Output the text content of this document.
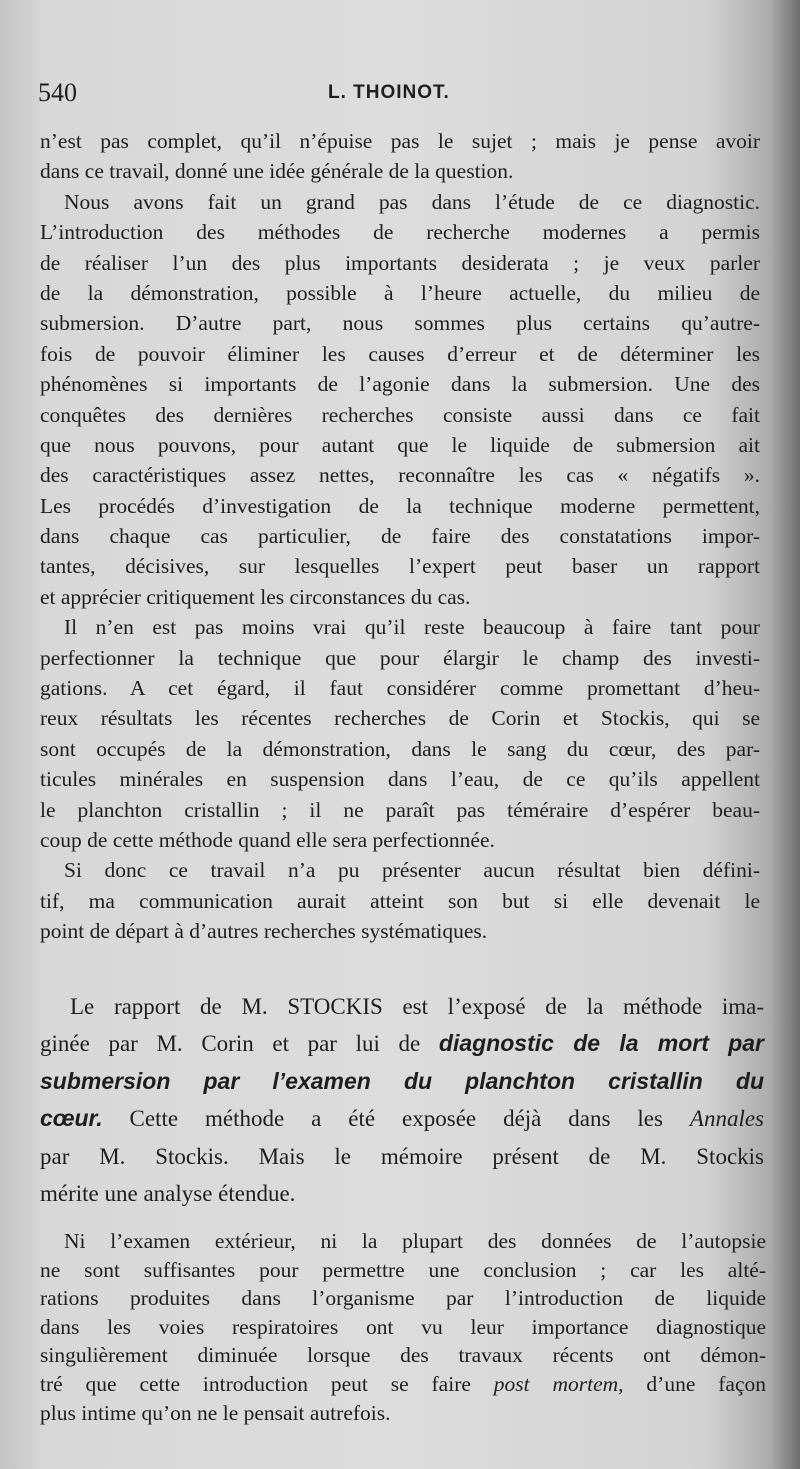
540	L. THOINOT.
n’est pas complet, qu’il n’épuise pas le sujet ; mais je pense avoir
dans ce travail, donné une idée générale de la question.
Nous avons fait un grand pas dans l’étude de ce diagnostic.
L’introduction des méthodes de recherche modernes a permis
de réaliser l’un des plus importants desiderata ; je veux parler
de la démonstration, possible à l’heure actuelle, du milieu de
submersion. D’autre part, nous sommes plus certains qu’autre-
fois de pouvoir éliminer les causes d’erreur et de déterminer les
phénomènes si importants de l’agonie dans la submersion. Une des
conquêtes des dernières recherches consiste aussi dans ce fait
que nous pouvons, pour autant que le liquide de submersion ait
des caractéristiques assez nettes, reconnaître les cas « négatifs ».
Les procédés d’investigation de la technique moderne permettent,
dans chaque cas particulier, de faire des constatations impor-
tantes, décisives, sur lesquelles l’expert peut baser un rapport
et apprécier critiquement les circonstances du cas.
Il n’en est pas moins vrai qu’il reste beaucoup à faire tant pour
perfectionner la technique que pour élargir le champ des investi-
gations. A cet égard, il faut considérer comme promettant d’heu-
reux résultats les récentes recherches de Corin et Stockis, qui se
sont occupés de la démonstration, dans le sang du cœur, des par-
ticules minérales en suspension dans l’eau, de ce qu’ils appellent
le planchton cristallin ; il ne paraît pas téméraire d’espérer beau-
coup de cette méthode quand elle sera perfectionnée.
Si donc ce travail n’a pu présenter aucun résultat bien défini-
tif, ma communication aurait atteint son but si elle devenait le
point de départ à d’autres recherches systématiques.
Le rapport de M. STOCKIS est l’exposé de la méthode ima-
ginée par M. Corin et par lui de diagnostic de la mort par
submersion par l’examen du planchton cristallin du
cœur. Cette méthode a été exposée déjà dans les Annales
par M. Stockis. Mais le mémoire présent de M. Stockis
mérite une analyse étendue.
Ni l’examen extérieur, ni la plupart des données de l’autopsie
ne sont suffisantes pour permettre une conclusion ; car les alté-
rations produites dans l’organisme par l’introduction de liquide
dans les voies respiratoires ont vu leur importance diagnostique
singulièrement diminuée lorsque des travaux récents ont démon-
tré que cette introduction peut se faire post mortem, d’une façon
plus intime qu’on ne le pensait autrefois.
